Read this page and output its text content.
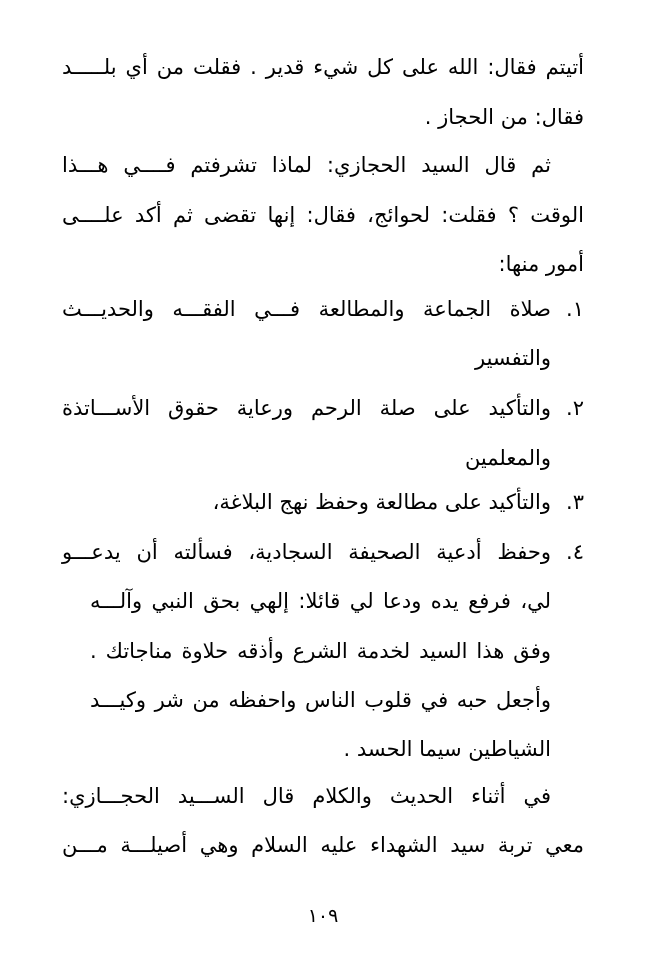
أتيتم فقال: الله على كل شيء قدير . فقلت من أي بلـــــد
فقال: من الحجاز .
ثم قال السيد الحجازي: لماذا تشرفتم فــــي هـــذا
الوقت ؟ فقلت: لحوائج، فقال: إنها تقضى ثم أكد علــــى
أمور منها:
١.صلاة الجماعة والمطالعة فـــي الفقـــه والحديـــث
والتفسير
٢.والتأكيد على صلة الرحم ورعاية حقوق الأســـاتذة
والمعلمين
٣.والتأكيد على مطالعة وحفظ نهج البلاغة،
٤.وحفظ أدعية الصحيفة السجادية، فسألته أن يدعـــو
لي، فرفع يده ودعا لي قائلا: إلهي بحق النبي وآلـــه
وفق هذا السيد لخدمة الشرع وأذقه حلاوة مناجاتك .
وأجعل حبه في قلوب الناس واحفظه من شر وكيـــد
الشياطين سيما الحسد .
في أثناء الحديث والكلام قال الســـيد الحجـــازي:
معي تربة سيد الشهداء عليه السلام وهي أصيلـــة مـــن
١٠٩
